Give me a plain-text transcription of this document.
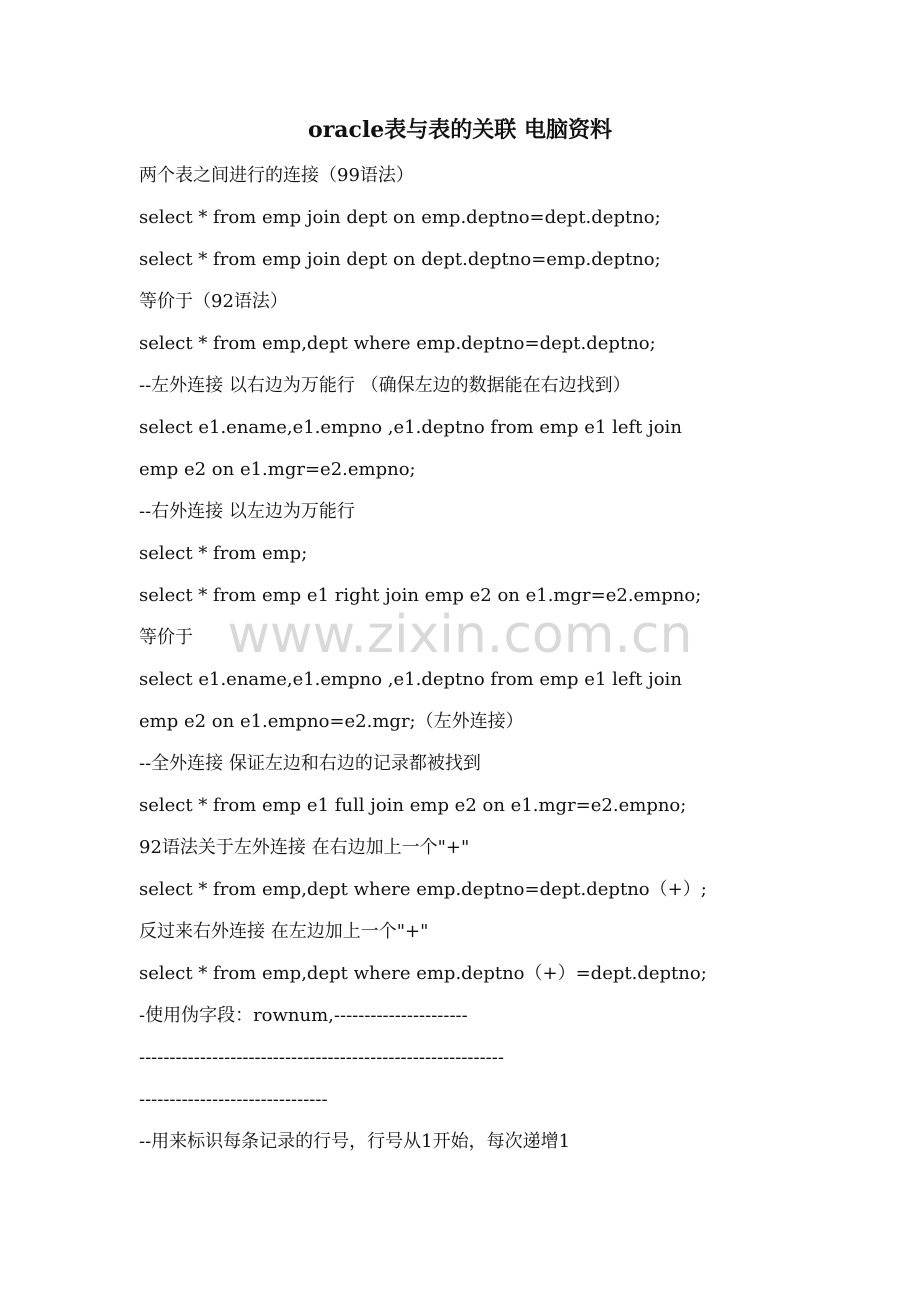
oracle表与表的关联 电脑资料
两个表之间进行的连接（99语法）
select * from emp join dept on emp.deptno=dept.deptno;
select * from emp join dept on dept.deptno=emp.deptno;
等价于（92语法）
select * from emp,dept where emp.deptno=dept.deptno;
--左外连接 以右边为万能行 （确保左边的数据能在右边找到）
select e1.ename,e1.empno ,e1.deptno from emp e1 left join
emp e2 on e1.mgr=e2.empno;
--右外连接 以左边为万能行
select * from emp;
select * from emp e1 right join emp e2 on e1.mgr=e2.empno;
等价于
select e1.ename,e1.empno ,e1.deptno from emp e1 left join
emp e2 on e1.empno=e2.mgr;（左外连接）
--全外连接 保证左边和右边的记录都被找到
select * from emp e1 full join emp e2 on e1.mgr=e2.empno;
92语法关于左外连接 在右边加上一个"+"
select * from emp,dept where emp.deptno=dept.deptno（+）;
反过来右外连接 在左边加上一个"+"
select * from emp,dept where emp.deptno（+）=dept.deptno;
-使用伪字段：rownum,----------------------
------------------------------------------------------------
-------------------------------
--用来标识每条记录的行号，行号从1开始，每次递增1
www.zixin.com.cn
